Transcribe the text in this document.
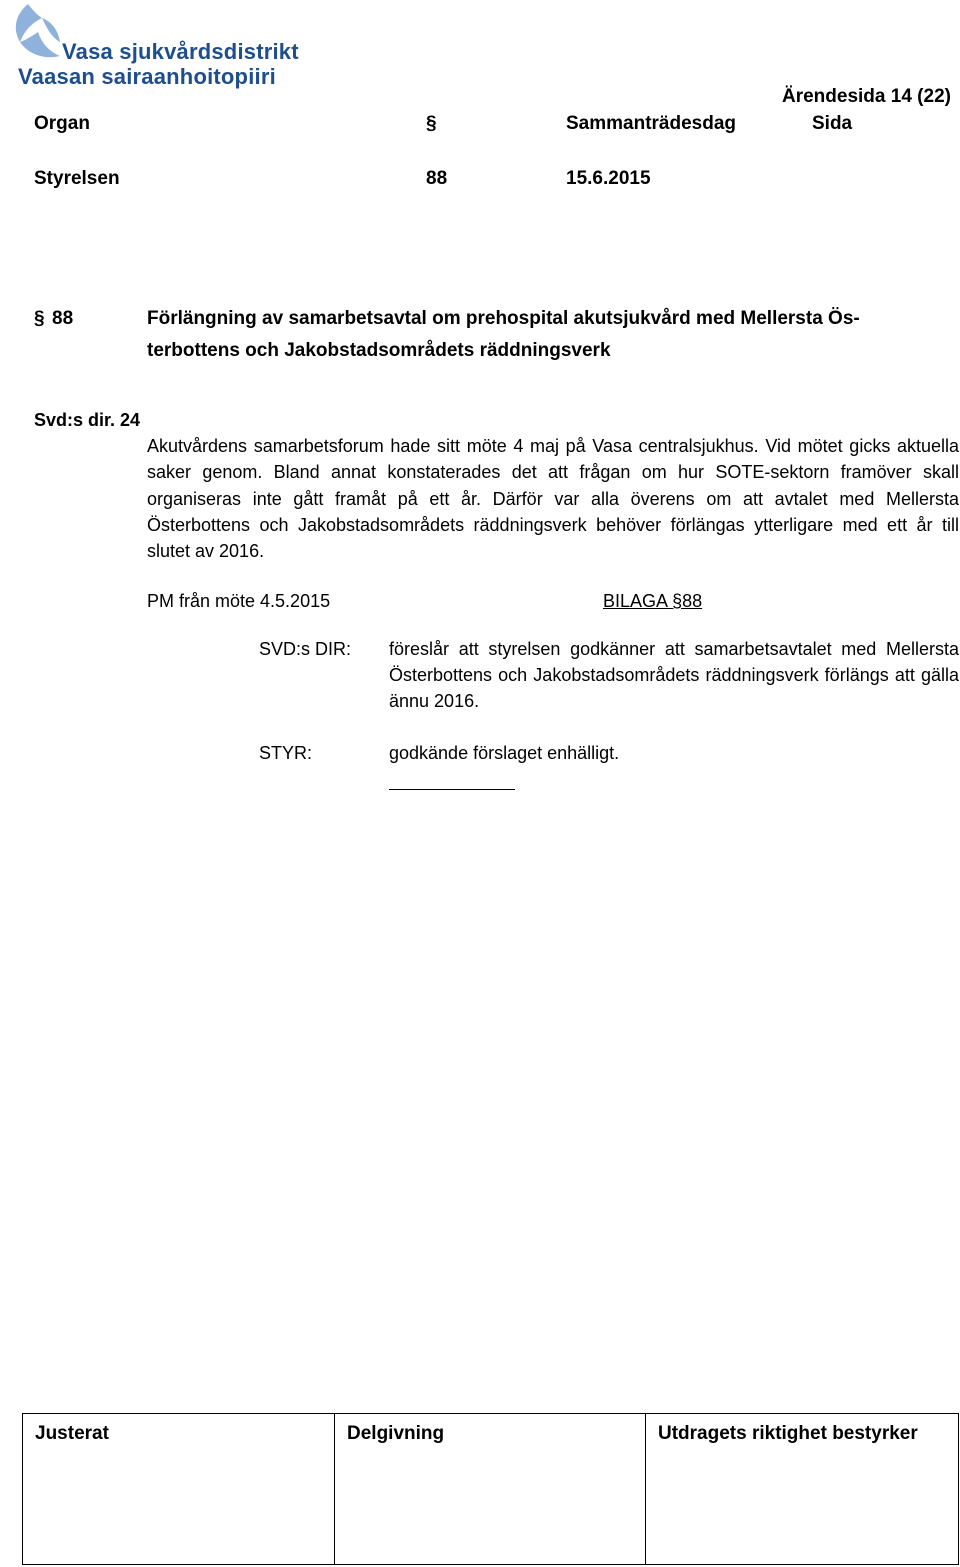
Vasa sjukvårdsdistrikt
Vaasan sairaanhoitopiiri
Ärendesida 14 (22)
Organ	§	Sammanträdesdag	Sida
Styrelsen	88	15.6.2015
§ 88	Förlängning av samarbetsavtal om prehospital akutsjukvård med Mellersta Ös-
terbottens och Jakobstadsområdets räddningsverk
Svd:s dir. 24
Akutvårdens samarbetsforum hade sitt möte 4 maj på Vasa centralsjukhus. Vid mötet gicks aktuella saker genom. Bland annat konstaterades det att frågan om hur SOTE-sektorn framöver skall organiseras inte gått framåt på ett år. Därför var alla överens om att avtalet med Mellersta Österbottens och Jakobstadsområdets räddningsverk behöver förlängas ytterligare med ett år till slutet av 2016.
PM från möte 4.5.2015	BILAGA §88
SVD:s DIR: föreslår att styrelsen godkänner att samarbetsavtalet med Mellersta Österbottens och Jakobstadsområdets räddningsverk förlängs att gälla ännu 2016.
STYR:	godkände förslaget enhälligt.
Justerat	Delgivning	Utdragets riktighet bestyrker
